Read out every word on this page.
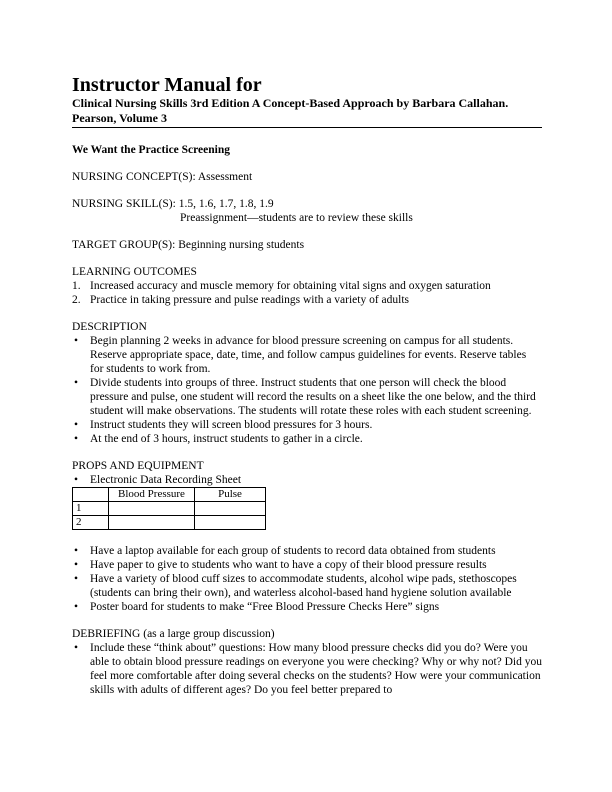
Instructor Manual for

Clinical Nursing Skills 3rd Edition A Concept-Based Approach by Barbara Callahan.

Pearson, Volume 3

We Want the Practice Screening

NURSING CONCEPT(S): Assessment

NURSING SKILL(S): 1.5, 1.6, 1.7, 1.8, 1.9

Preassignment—students are to review these skills

TARGET GROUP(S): Beginning nursing students

LEARNING OUTCOMES

1. Increased accuracy and muscle memory for obtaining vital signs and oxygen saturation
2. Practice in taking pressure and pulse readings with a variety of adults

DESCRIPTION

• Begin planning 2 weeks in advance for blood pressure screening on campus for all students. Reserve appropriate space, date, time, and follow campus guidelines for events. Reserve tables for students to work from.
• Divide students into groups of three. Instruct students that one person will check the blood pressure and pulse, one student will record the results on a sheet like the one below, and the third student will make observations. The students will rotate these roles with each student screening.
• Instruct students they will screen blood pressures for 3 hours.
• At the end of 3 hours, instruct students to gather in a circle.

PROPS AND EQUIPMENT

• Electronic Data Recording Sheet
	Blood Pressure	Pulse
1		
2		
• Have a laptop available for each group of students to record data obtained from students
• Have paper to give to students who want to have a copy of their blood pressure results
• Have a variety of blood cuff sizes to accommodate students, alcohol wipe pads, stethoscopes (students can bring their own), and waterless alcohol-based hand hygiene solution available
• Poster board for students to make “Free Blood Pressure Checks Here” signs

DEBRIEFING (as a large group discussion)

• Include these “think about” questions: How many blood pressure checks did you do? Were you able to obtain blood pressure readings on everyone you were checking? Why or why not? Did you feel more comfortable after doing several checks on the students? How were your communication skills with adults of different ages? Do you feel better prepared to
